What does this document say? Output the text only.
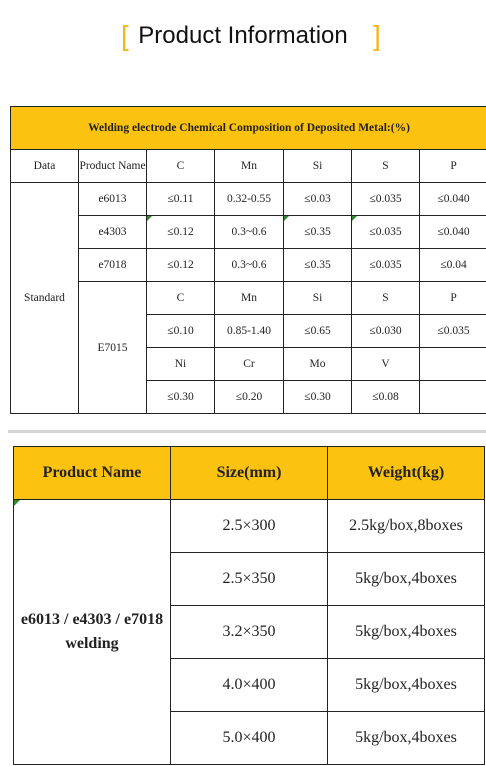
Product Information
[	]
Welding electrode Chemical Composition of Deposited Metal:(%)						
Data	Product Name	C	Mn	Si	S	P
Standard	e6013	≤0.11	0.32-0.55	≤0.03	≤0.035	≤0.040
	e4303	≤0.12	0.3~0.6	≤0.35	≤0.035	≤0.040
	e7018	≤0.12	0.3~0.6	≤0.35	≤0.035	≤0.04
	E7015	C	Mn	Si	S	P
		≤0.10	0.85-1.40	≤0.65	≤0.030	≤0.035
		Ni	Cr	Mo	V	
		≤0.30	≤0.20	≤0.30	≤0.08	
Product Name	Size(mm)	Weight(kg)

e6013 / e4303 / e7018
welding	2.5×300	2.5kg/box,8boxes
	2.5×350	5kg/box,4boxes
	3.2×350	5kg/box,4boxes
	4.0×400	5kg/box,4boxes
	5.0×400	5kg/box,4boxes
